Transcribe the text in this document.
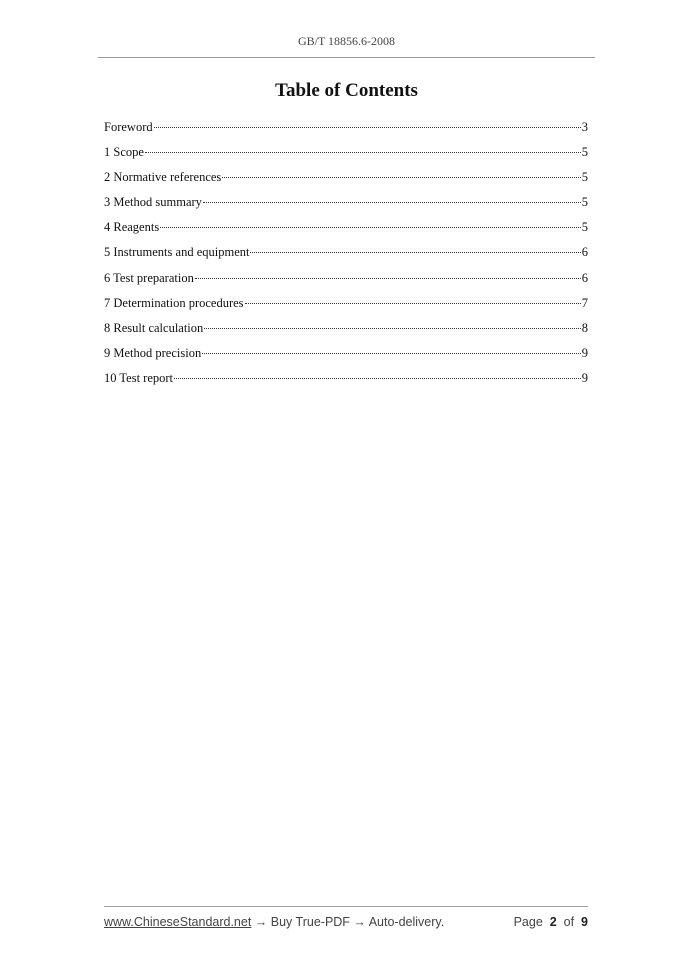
GB/T 18856.6-2008
Table of Contents
Foreword	3
1 Scope	5
2 Normative references	5
3 Method summary	5
4 Reagents	5
5 Instruments and equipment	6
6 Test preparation	6
7 Determination procedures	7
8 Result calculation	8
9 Method precision	9
10 Test report	9
www.ChineseStandard.net → Buy True-PDF → Auto-delivery.	Page 2 of 9
